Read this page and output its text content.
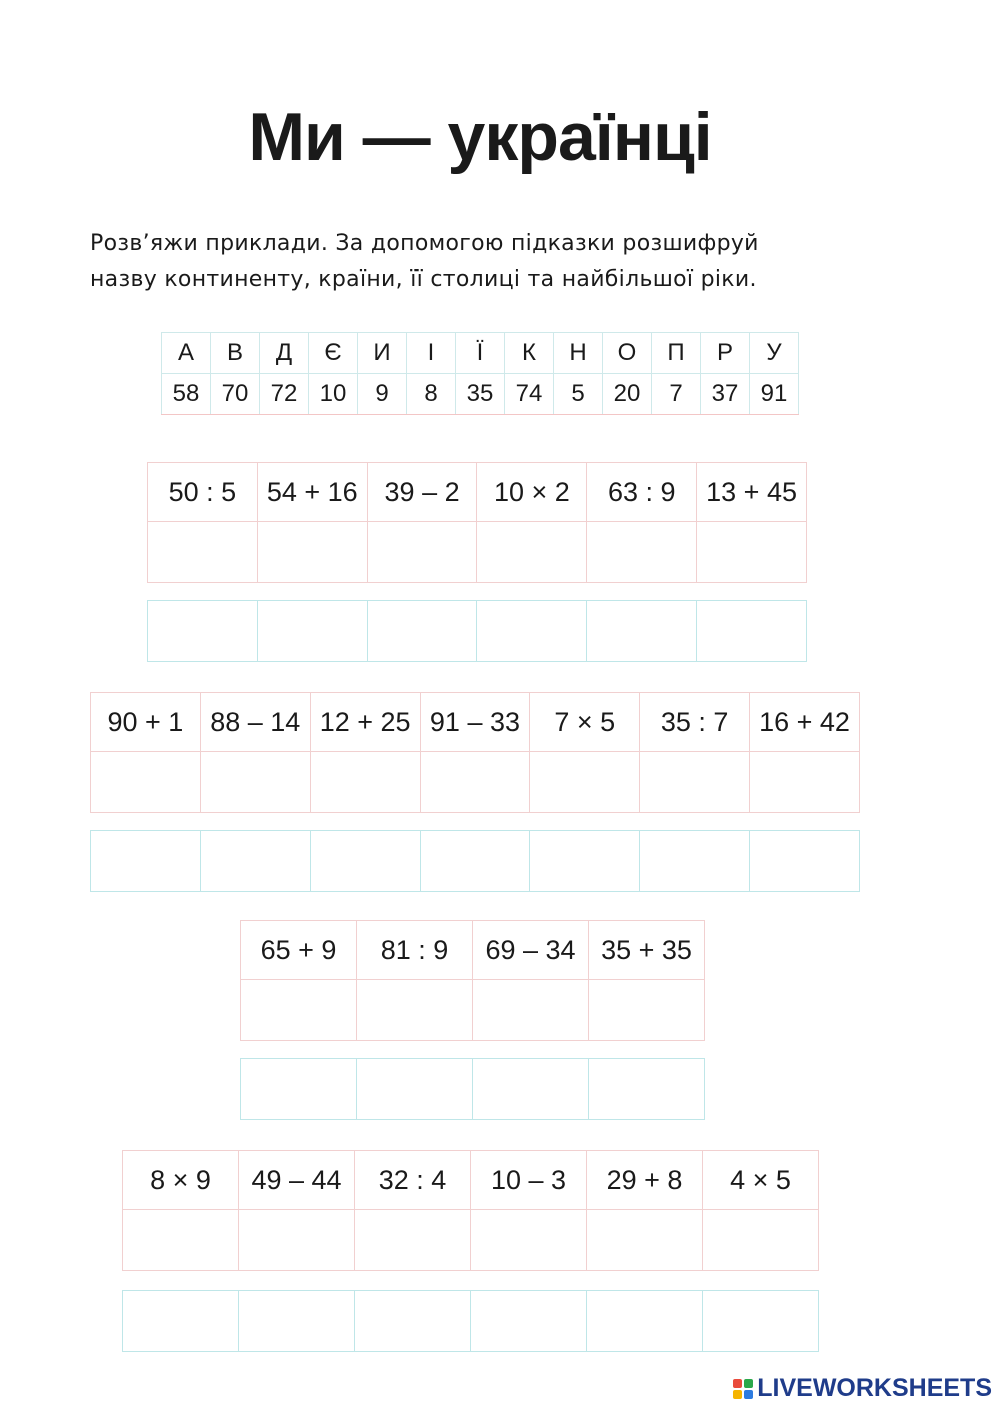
Ми — українці
Розв’яжи приклади. За допомогою підказки розшифруй
назву континенту, країни, її столиці та найбільшої ріки.
А	В	Д	Є	И	І	Ї	К	Н	О	П	Р	У
58	70	72	10	9	8	35	74	5	20	7	37	91
50 : 5	54 + 16	39 – 2	10 × 2	63 : 9	13 + 45

90 + 1	88 – 14	12 + 25	91 – 33	7 × 5	35 : 7	16 + 42

65 + 9	81 : 9	69 – 34	35 + 35

8 × 9	49 – 44	32 : 4	10 – 3	29 + 8	4 × 5

LIVEWORKSHEETS
